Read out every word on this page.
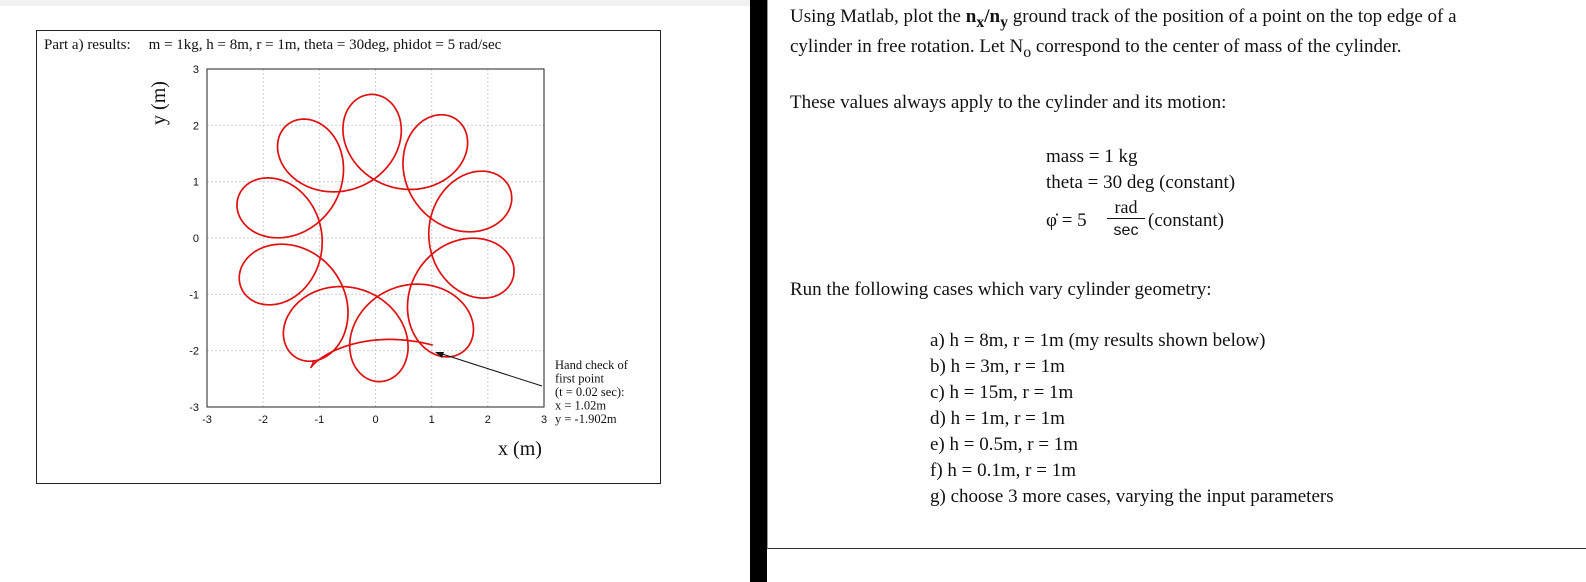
Part a) results: m = 1kg, h = 8m, r = 1m, theta = 30deg, phidot = 5 rad/sec
-3	-2	-1	0	1	2	3
3
2
1
0
-1
-2
-3
x (m)
y (m)
Hand check of
first point
(t = 0.02 sec):
x = 1.02m
y = -1.902m
Using Matlab, plot the $n_x/n_y$ ground track of the position of a point on the top edge of a
cylinder in free rotation. Let $N_o$ correspond to the center of mass of the cylinder.
These values always apply to the cylinder and its motion:
mass = 1 kg
theta = 30 deg (constant)
φ̇ = 5
rad
sec (constant)
Run the following cases which vary cylinder geometry:
a) h = 8m, r = 1m (my results shown below)
b) h = 3m, r = 1m
c) h = 15m, r = 1m
d) h = 1m, r = 1m
e) h = 0.5m, r = 1m
f) h = 0.1m, r = 1m
g) choose 3 more cases, varying the input parameters
